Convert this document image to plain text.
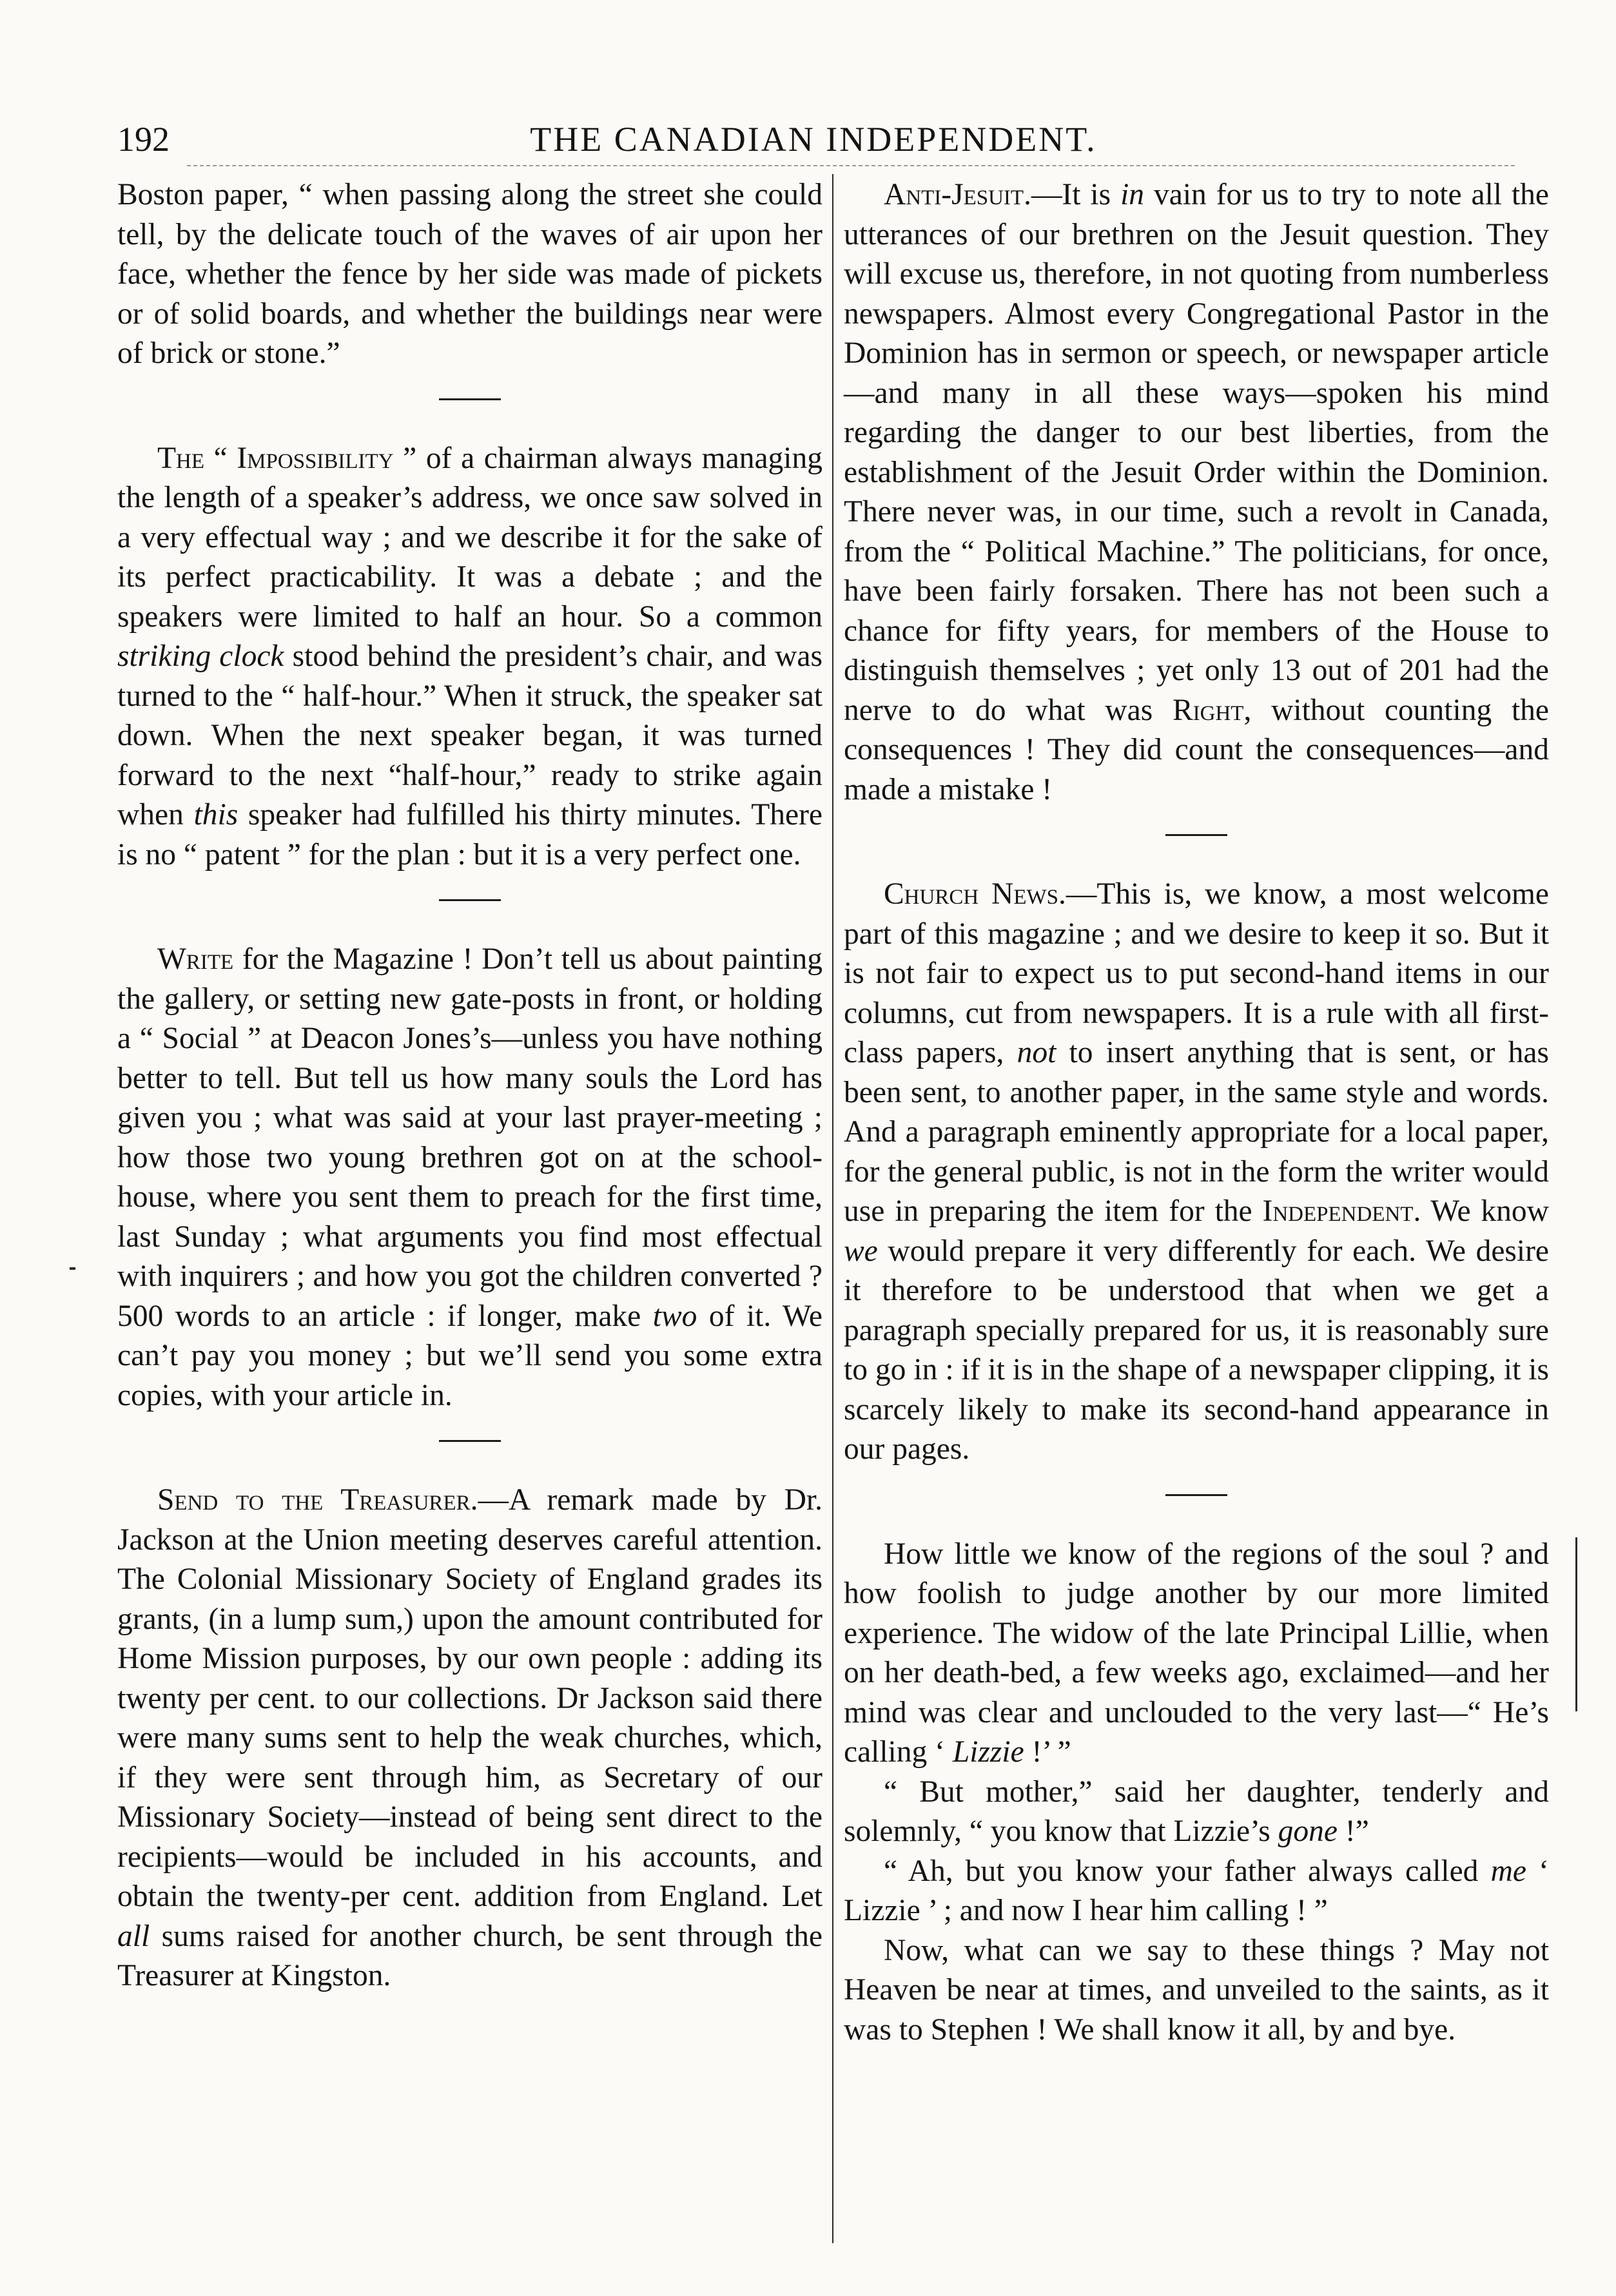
192	THE CANADIAN INDEPENDENT.

Boston paper, “ when passing along the street she could tell, by the delicate touch of the waves of air upon her face, whether the fence by her side was made of pickets or of solid boards, and whether the buildings near were of brick or stone.”

The “ Impossibility ” of a chairman always managing the length of a speaker’s address, we once saw solved in a very effectual way ; and we describe it for the sake of its perfect practicability. It was a debate ; and the speakers were limited to half an hour. So a common striking clock stood behind the president’s chair, and was turned to the “ half-hour.” When it struck, the speaker sat down. When the next speaker began, it was turned forward to the next “half-hour,” ready to strike again when this speaker had fulfilled his thirty minutes. There is no “ patent ” for the plan : but it is a very perfect one.

Write for the Magazine ! Don’t tell us about painting the gallery, or setting new gate-posts in front, or holding a “ Social ” at Deacon Jones’s—unless you have nothing better to tell. But tell us how many souls the Lord has given you ; what was said at your last prayer-meeting ; how those two young brethren got on at the school-house, where you sent them to preach for the first time, last Sunday ; what arguments you find most effectual with inquirers ; and how you got the children converted ? 500 words to an article : if longer, make two of it. We can’t pay you money ; but we’ll send you some extra copies, with your article in.

Send to the Treasurer.—A remark made by Dr. Jackson at the Union meeting deserves careful attention. The Colonial Missionary Society of England grades its grants, (in a lump sum,) upon the amount contributed for Home Mission purposes, by our own people : adding its twenty per cent. to our collections. Dr Jackson said there were many sums sent to help the weak churches, which, if they were sent through him, as Secretary of our Missionary Society—instead of being sent direct to the recipients—would be included in his accounts, and obtain the twenty-per cent. addition from England. Let all sums raised for another church, be sent through the Treasurer at Kingston.

Anti-Jesuit.—It is in vain for us to try to note all the utterances of our brethren on the Jesuit question. They will excuse us, therefore, in not quoting from numberless newspapers. Almost every Congregational Pastor in the Dominion has in sermon or speech, or newspaper article—and many in all these ways—spoken his mind regarding the danger to our best liberties, from the establishment of the Jesuit Order within the Dominion. There never was, in our time, such a revolt in Canada, from the “ Political Machine.” The politicians, for once, have been fairly forsaken. There has not been such a chance for fifty years, for members of the House to distinguish themselves ; yet only 13 out of 201 had the nerve to do what was Right, without counting the consequences ! They did count the consequences—and made a mistake !

Church News.—This is, we know, a most welcome part of this magazine ; and we desire to keep it so. But it is not fair to expect us to put second-hand items in our columns, cut from newspapers. It is a rule with all first-class papers, not to insert anything that is sent, or has been sent, to another paper, in the same style and words. And a paragraph eminently appropriate for a local paper, for the general public, is not in the form the writer would use in preparing the item for the Independent. We know we would prepare it very differently for each. We desire it therefore to be understood that when we get a paragraph specially prepared for us, it is reasonably sure to go in : if it is in the shape of a newspaper clipping, it is scarcely likely to make its second-hand appearance in our pages.

How little we know of the regions of the soul ? and how foolish to judge another by our more limited experience. The widow of the late Principal Lillie, when on her death-bed, a few weeks ago, exclaimed—and her mind was clear and unclouded to the very last—“ He’s calling ‘ Lizzie !’ ”

“ But mother,” said her daughter, tenderly and solemnly, “ you know that Lizzie’s gone !”

“ Ah, but you know your father always called me ‘ Lizzie ’ ; and now I hear him calling ! ”

Now, what can we say to these things ? May not Heaven be near at times, and unveiled to the saints, as it was to Stephen ! We shall know it all, by and bye.
